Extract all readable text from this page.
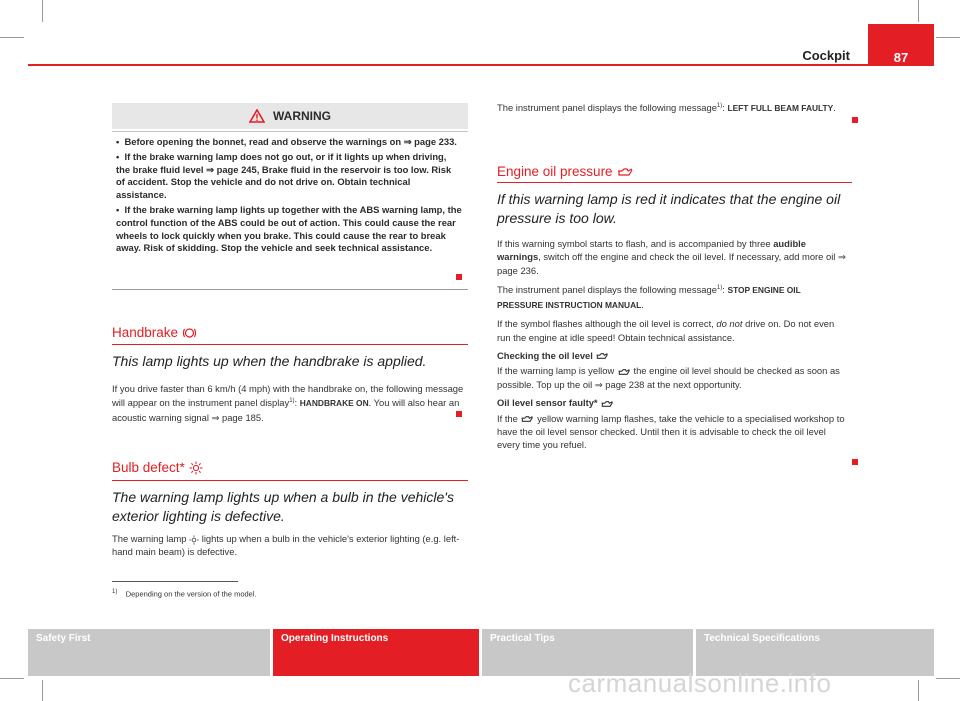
Cockpit	87
WARNING

•  Before opening the bonnet, read and observe the warnings on ⇒ page 233.

•  If the brake warning lamp does not go out, or if it lights up when driving, the brake fluid level ⇒ page 245, Brake fluid in the reservoir is too low. Risk of accident. Stop the vehicle and do not drive on. Obtain technical assistance.

•  If the brake warning lamp lights up together with the ABS warning lamp, the control function of the ABS could be out of action. This could cause the rear wheels to lock quickly when you brake. This could cause the rear to break away. Risk of skidding. Stop the vehicle and seek technical assistance.

Handbrake
This lamp lights up when the handbrake is applied.
If you drive faster than 6 km/h (4 mph) with the handbrake on, the following message will appear on the instrument panel display$^{1)}$: HANDBRAKE ON. You will also hear an acoustic warning signal ⇒ page 185.
Bulb defect*
The warning lamp lights up when a bulb in the vehicle's exterior lighting is defective.
The warning lamp lights up when a bulb in the vehicle's exterior lighting (e.g. left-hand main beam) is defective.
The instrument panel displays the following message$^{1)}$: LEFT FULL BEAM FAULTY.
Engine oil pressure
If this warning lamp is red it indicates that the engine oil pressure is too low.

If this warning symbol starts to flash, and is accompanied by three audible warnings, switch off the engine and check the oil level. If necessary, add more oil ⇒ page 236.

The instrument panel displays the following message$^{1)}$: STOP ENGINE OIL PRESSURE INSTRUCTION MANUAL.

If the symbol flashes although the oil level is correct, do not drive on. Do not even run the engine at idle speed! Obtain technical assistance.

Checking the oil level

If the warning lamp is yellow the engine oil level should be checked as soon as possible. Top up the oil ⇒ page 238 at the next opportunity.

Oil level sensor faulty*

If the yellow warning lamp flashes, take the vehicle to a specialised workshop to have the oil level sensor checked. Until then it is advisable to check the oil level every time you refuel.

$^{1)}$ Depending on the version of the model.
Safety First	Operating Instructions	Practical Tips	Technical Specifications
carmanualsonline.info
